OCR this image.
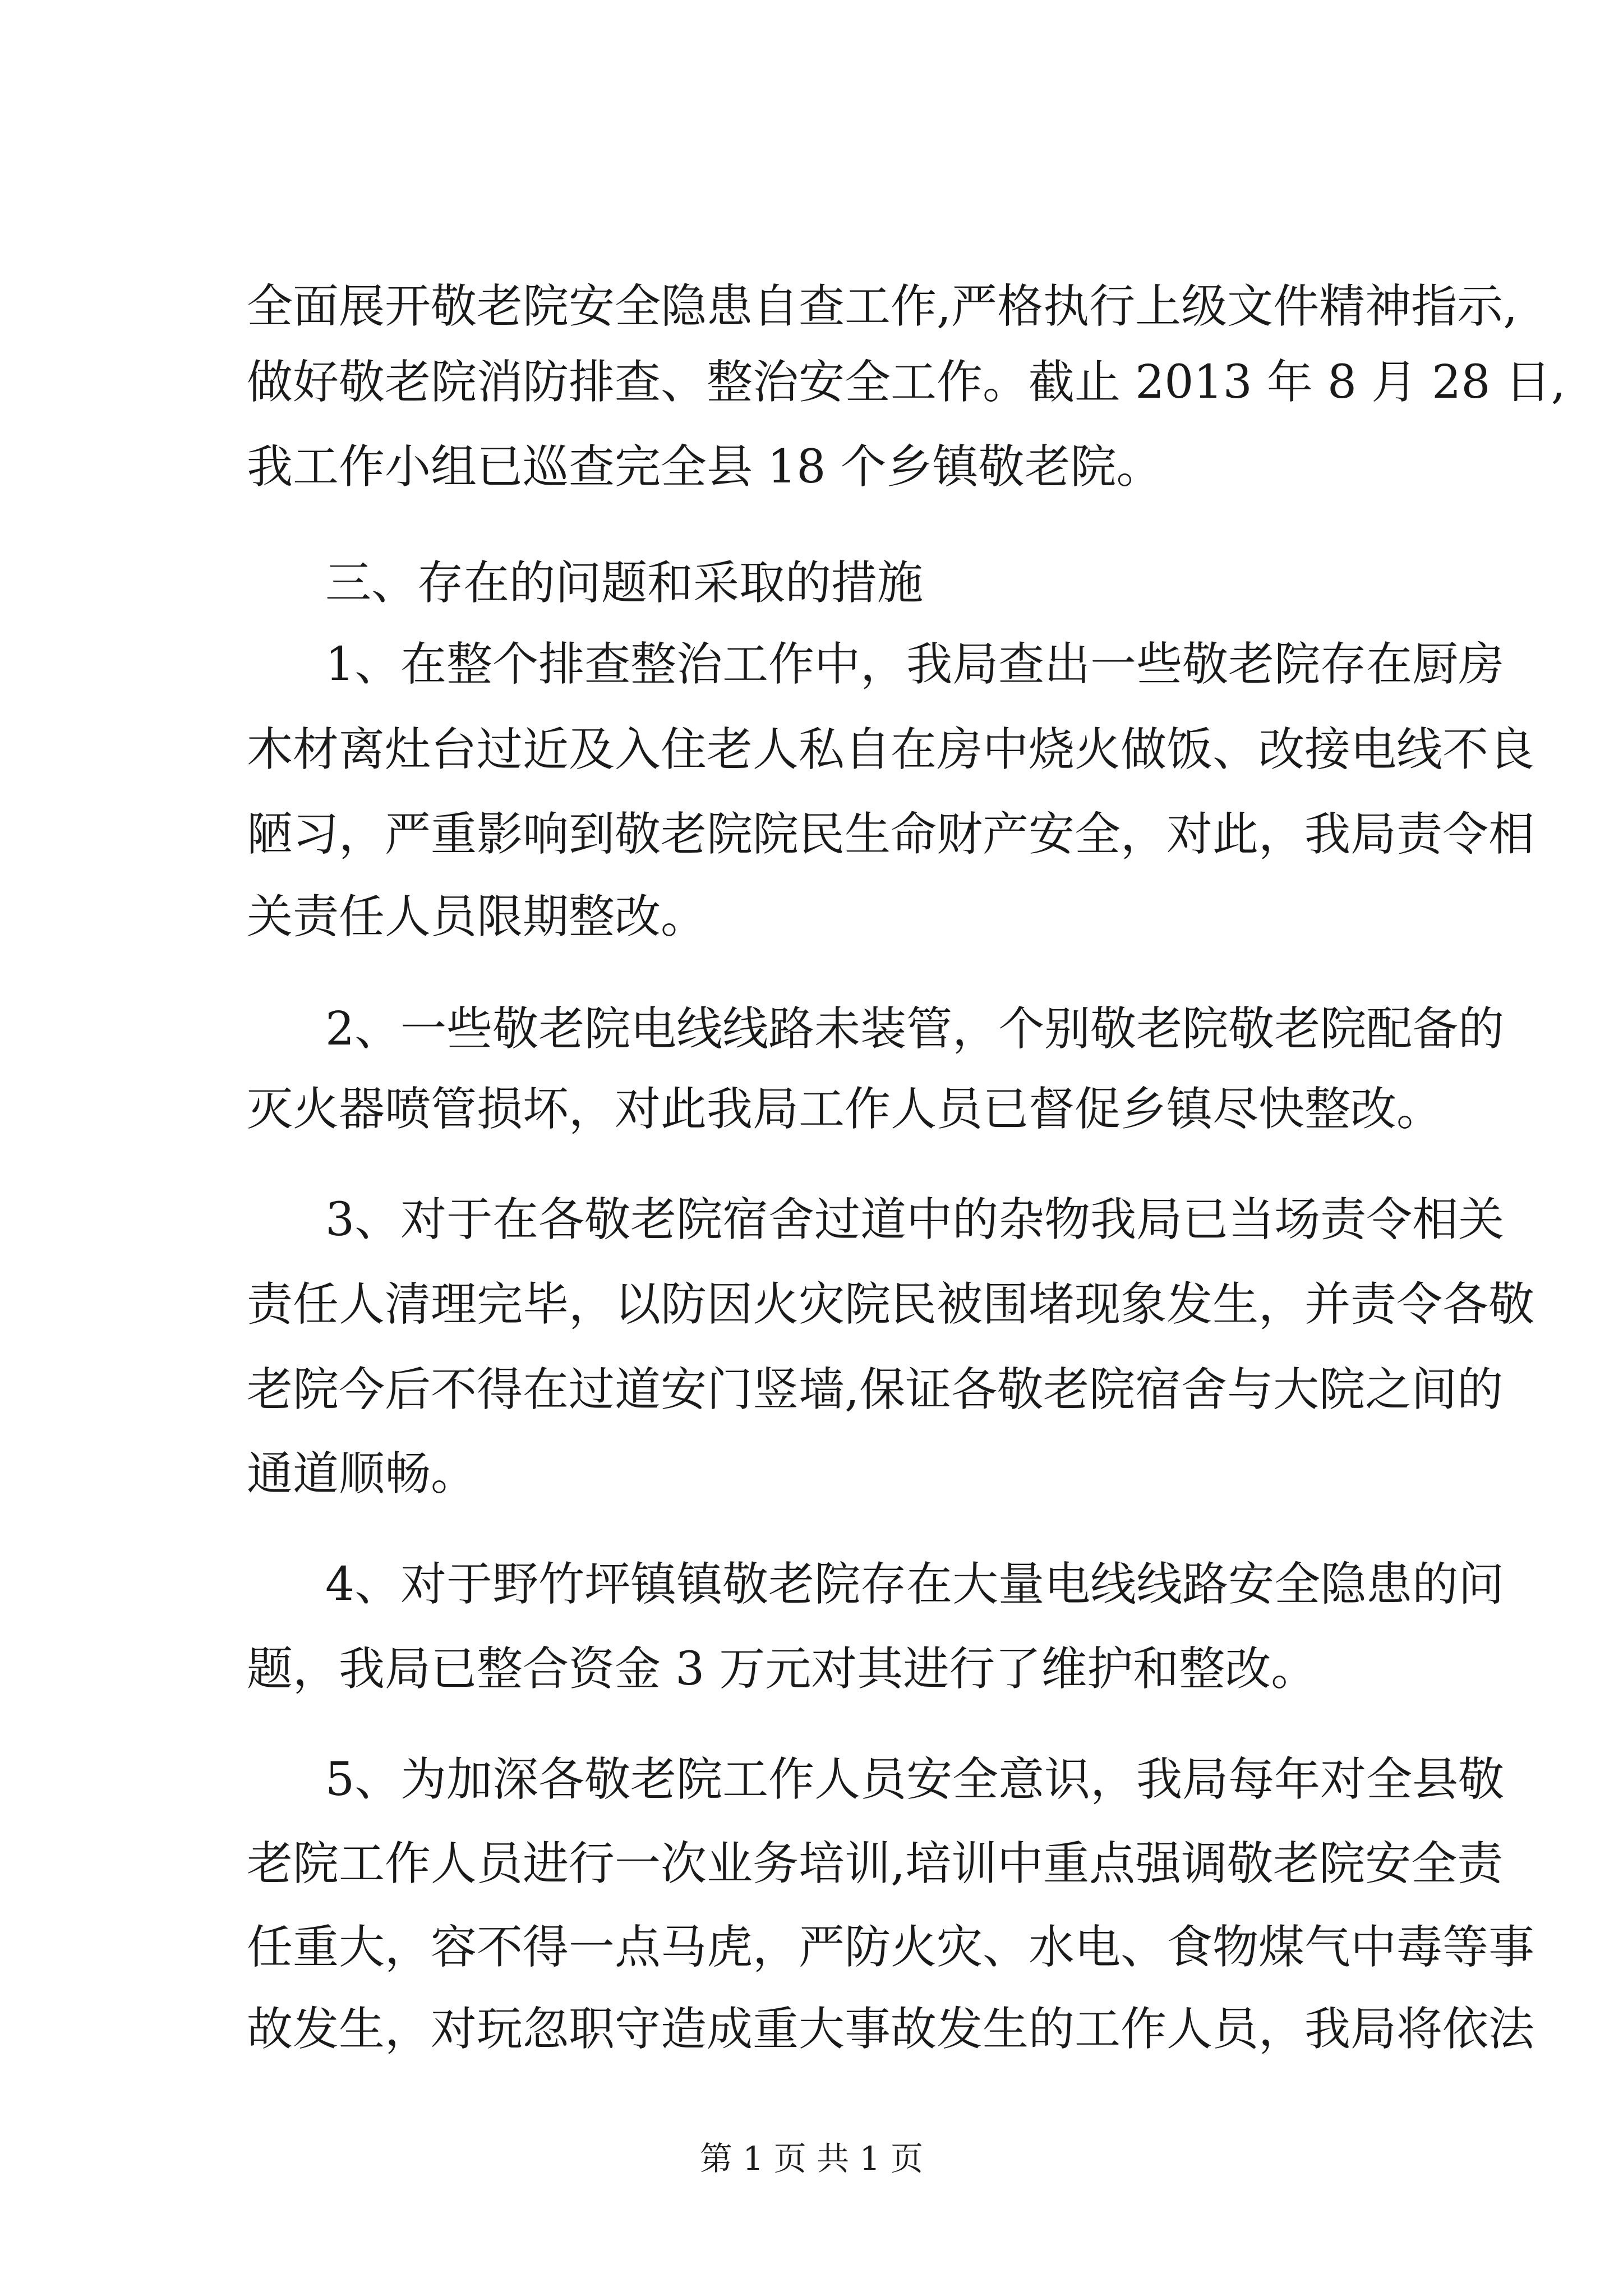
全面展开敬老院安全隐患自查工作,严格执行上级文件精神指示,
做好敬老院消防排查、整治安全工作。截止 2013 年 8 月 28 日,
我工作小组已巡查完全县 18 个乡镇敬老院。
三、存在的问题和采取的措施
1、在整个排查整治工作中，我局查出一些敬老院存在厨房
木材离灶台过近及入住老人私自在房中烧火做饭、改接电线不良
陋习，严重影响到敬老院院民生命财产安全，对此，我局责令相
关责任人员限期整改。
2、一些敬老院电线线路未装管，个别敬老院敬老院配备的
灭火器喷管损坏，对此我局工作人员已督促乡镇尽快整改。
3、对于在各敬老院宿舍过道中的杂物我局已当场责令相关
责任人清理完毕，以防因火灾院民被围堵现象发生，并责令各敬
老院今后不得在过道安门竖墙,保证各敬老院宿舍与大院之间的
通道顺畅。
4、对于野竹坪镇镇敬老院存在大量电线线路安全隐患的问
题，我局已整合资金 3 万元对其进行了维护和整改。
5、为加深各敬老院工作人员安全意识，我局每年对全县敬
老院工作人员进行一次业务培训,培训中重点强调敬老院安全责
任重大，容不得一点马虎，严防火灾、水电、食物煤气中毒等事
故发生，对玩忽职守造成重大事故发生的工作人员，我局将依法
第 1 页 共 1 页
